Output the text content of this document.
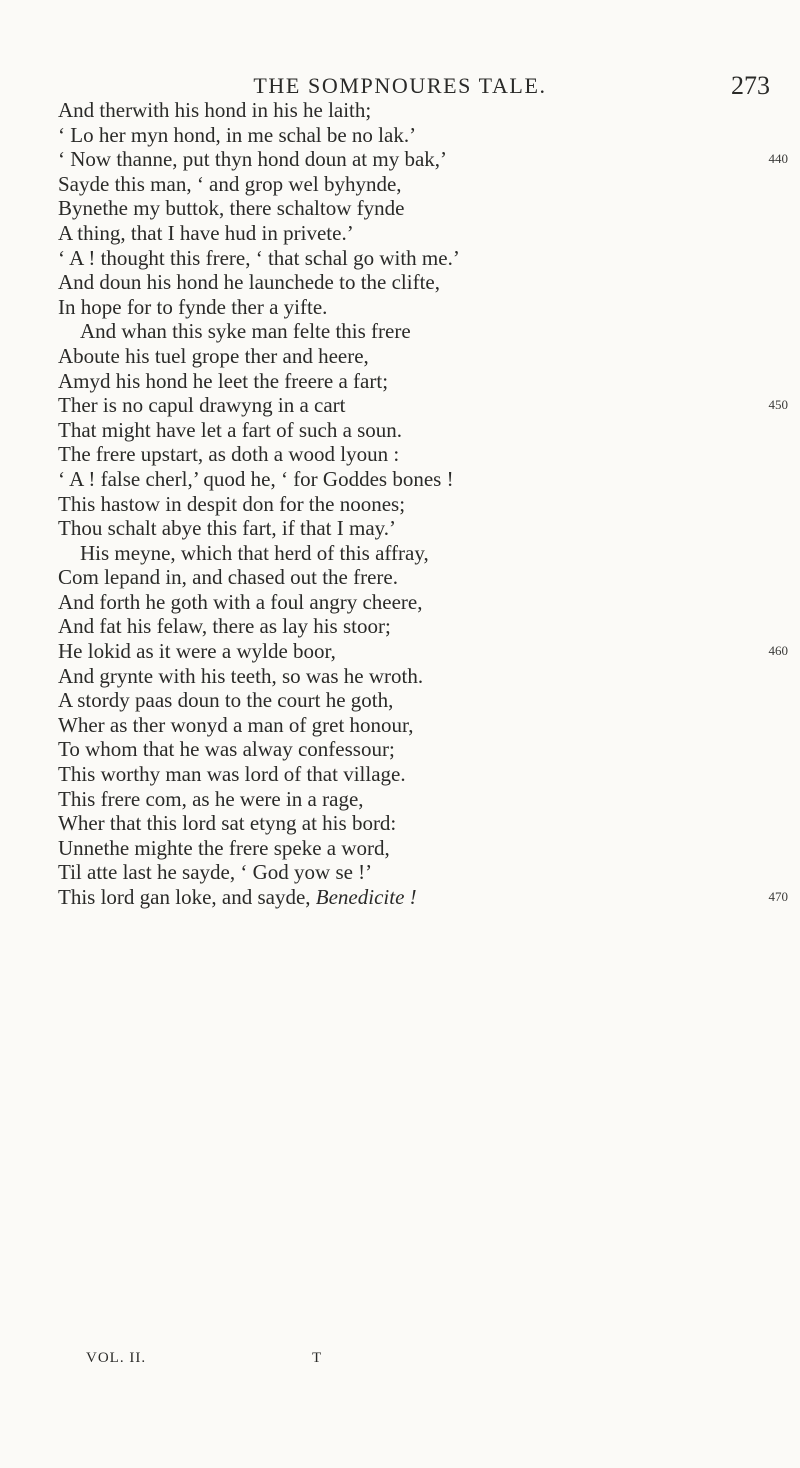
THE SOMPNOURES TALE.	273
And therwith his hond in his he laith;
‘ Lo her myn hond, in me schal be no lak.’
‘ Now thanne, put thyn hond doun at my bak,’	440
Sayde this man, ‘ and grop wel byhynde,
Bynethe my buttok, there schaltow fynde
A thing, that I have hud in privete.’
‘ A ! thought this frere, ‘ that schal go with me.’
And doun his hond he launchede to the clifte,
In hope for to fynde ther a yifte.
And whan this syke man felte this frere
Aboute his tuel grope ther and heere,
Amyd his hond he leet the freere a fart;
Ther is no capul drawyng in a cart	450
That might have let a fart of such a soun.
The frere upstart, as doth a wood lyoun :
‘ A ! false cherl,’ quod he, ‘ for Goddes bones !
This hastow in despit don for the noones;
Thou schalt abye this fart, if that I may.’
His meyne, which that herd of this affray,
Com lepand in, and chased out the frere.
And forth he goth with a foul angry cheere,
And fat his felaw, there as lay his stoor;
He lokid as it were a wylde boor,	460
And grynte with his teeth, so was he wroth.
A stordy paas doun to the court he goth,
Wher as ther wonyd a man of gret honour,
To whom that he was alway confessour;
This worthy man was lord of that village.
This frere com, as he were in a rage,
Wher that this lord sat etyng at his bord:
Unnethe mighte the frere speke a word,
Til atte last he sayde, ‘ God yow se !’
This lord gan loke, and sayde, Benedicite !	470
VOL. II.	T
